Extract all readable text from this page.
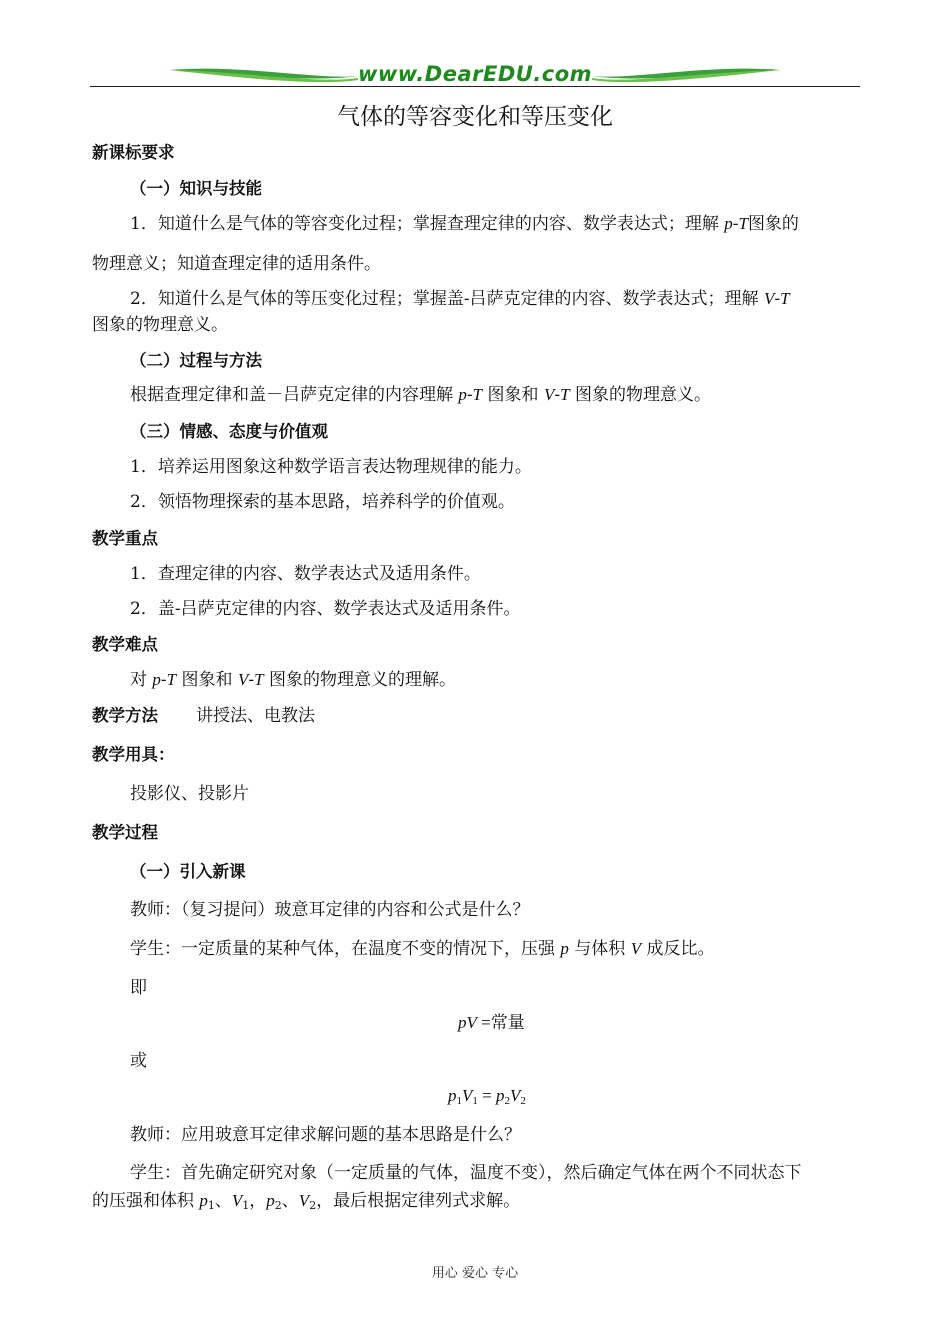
www.DearEDU.com
气体的等容变化和等压变化
新课标要求
（一）知识与技能
1．知道什么是气体的等容变化过程；掌握查理定律的内容、数学表达式；理解 p-T图象的
物理意义；知道查理定律的适用条件。
2．知道什么是气体的等压变化过程；掌握盖-吕萨克定律的内容、数学表达式；理解 V-T
图象的物理意义。
（二）过程与方法
根据查理定律和盖－吕萨克定律的内容理解 p-T 图象和 V-T 图象的物理意义。
（三）情感、态度与价值观
1．培养运用图象这种数学语言表达物理规律的能力。
2．领悟物理探索的基本思路，培养科学的价值观。
教学重点
1．查理定律的内容、数学表达式及适用条件。
2．盖-吕萨克定律的内容、数学表达式及适用条件。
教学难点
对 p-T 图象和 V-T 图象的物理意义的理解。
教学方法 讲授法、电教法
教学用具：
投影仪、投影片
教学过程
（一）引入新课
教师：（复习提问）玻意耳定律的内容和公式是什么？
学生：一定质量的某种气体，在温度不变的情况下，压强 p 与体积 V 成反比。
即
pV =常量
或
$p_1V_1 = p_2V_2$
教师：应用玻意耳定律求解问题的基本思路是什么？
学生：首先确定研究对象（一定质量的气体，温度不变），然后确定气体在两个不同状态下
的压强和体积 $p_1$、$V_1$，$p_2$、$V_2$，最后根据定律列式求解。
用心 爱心 专心
